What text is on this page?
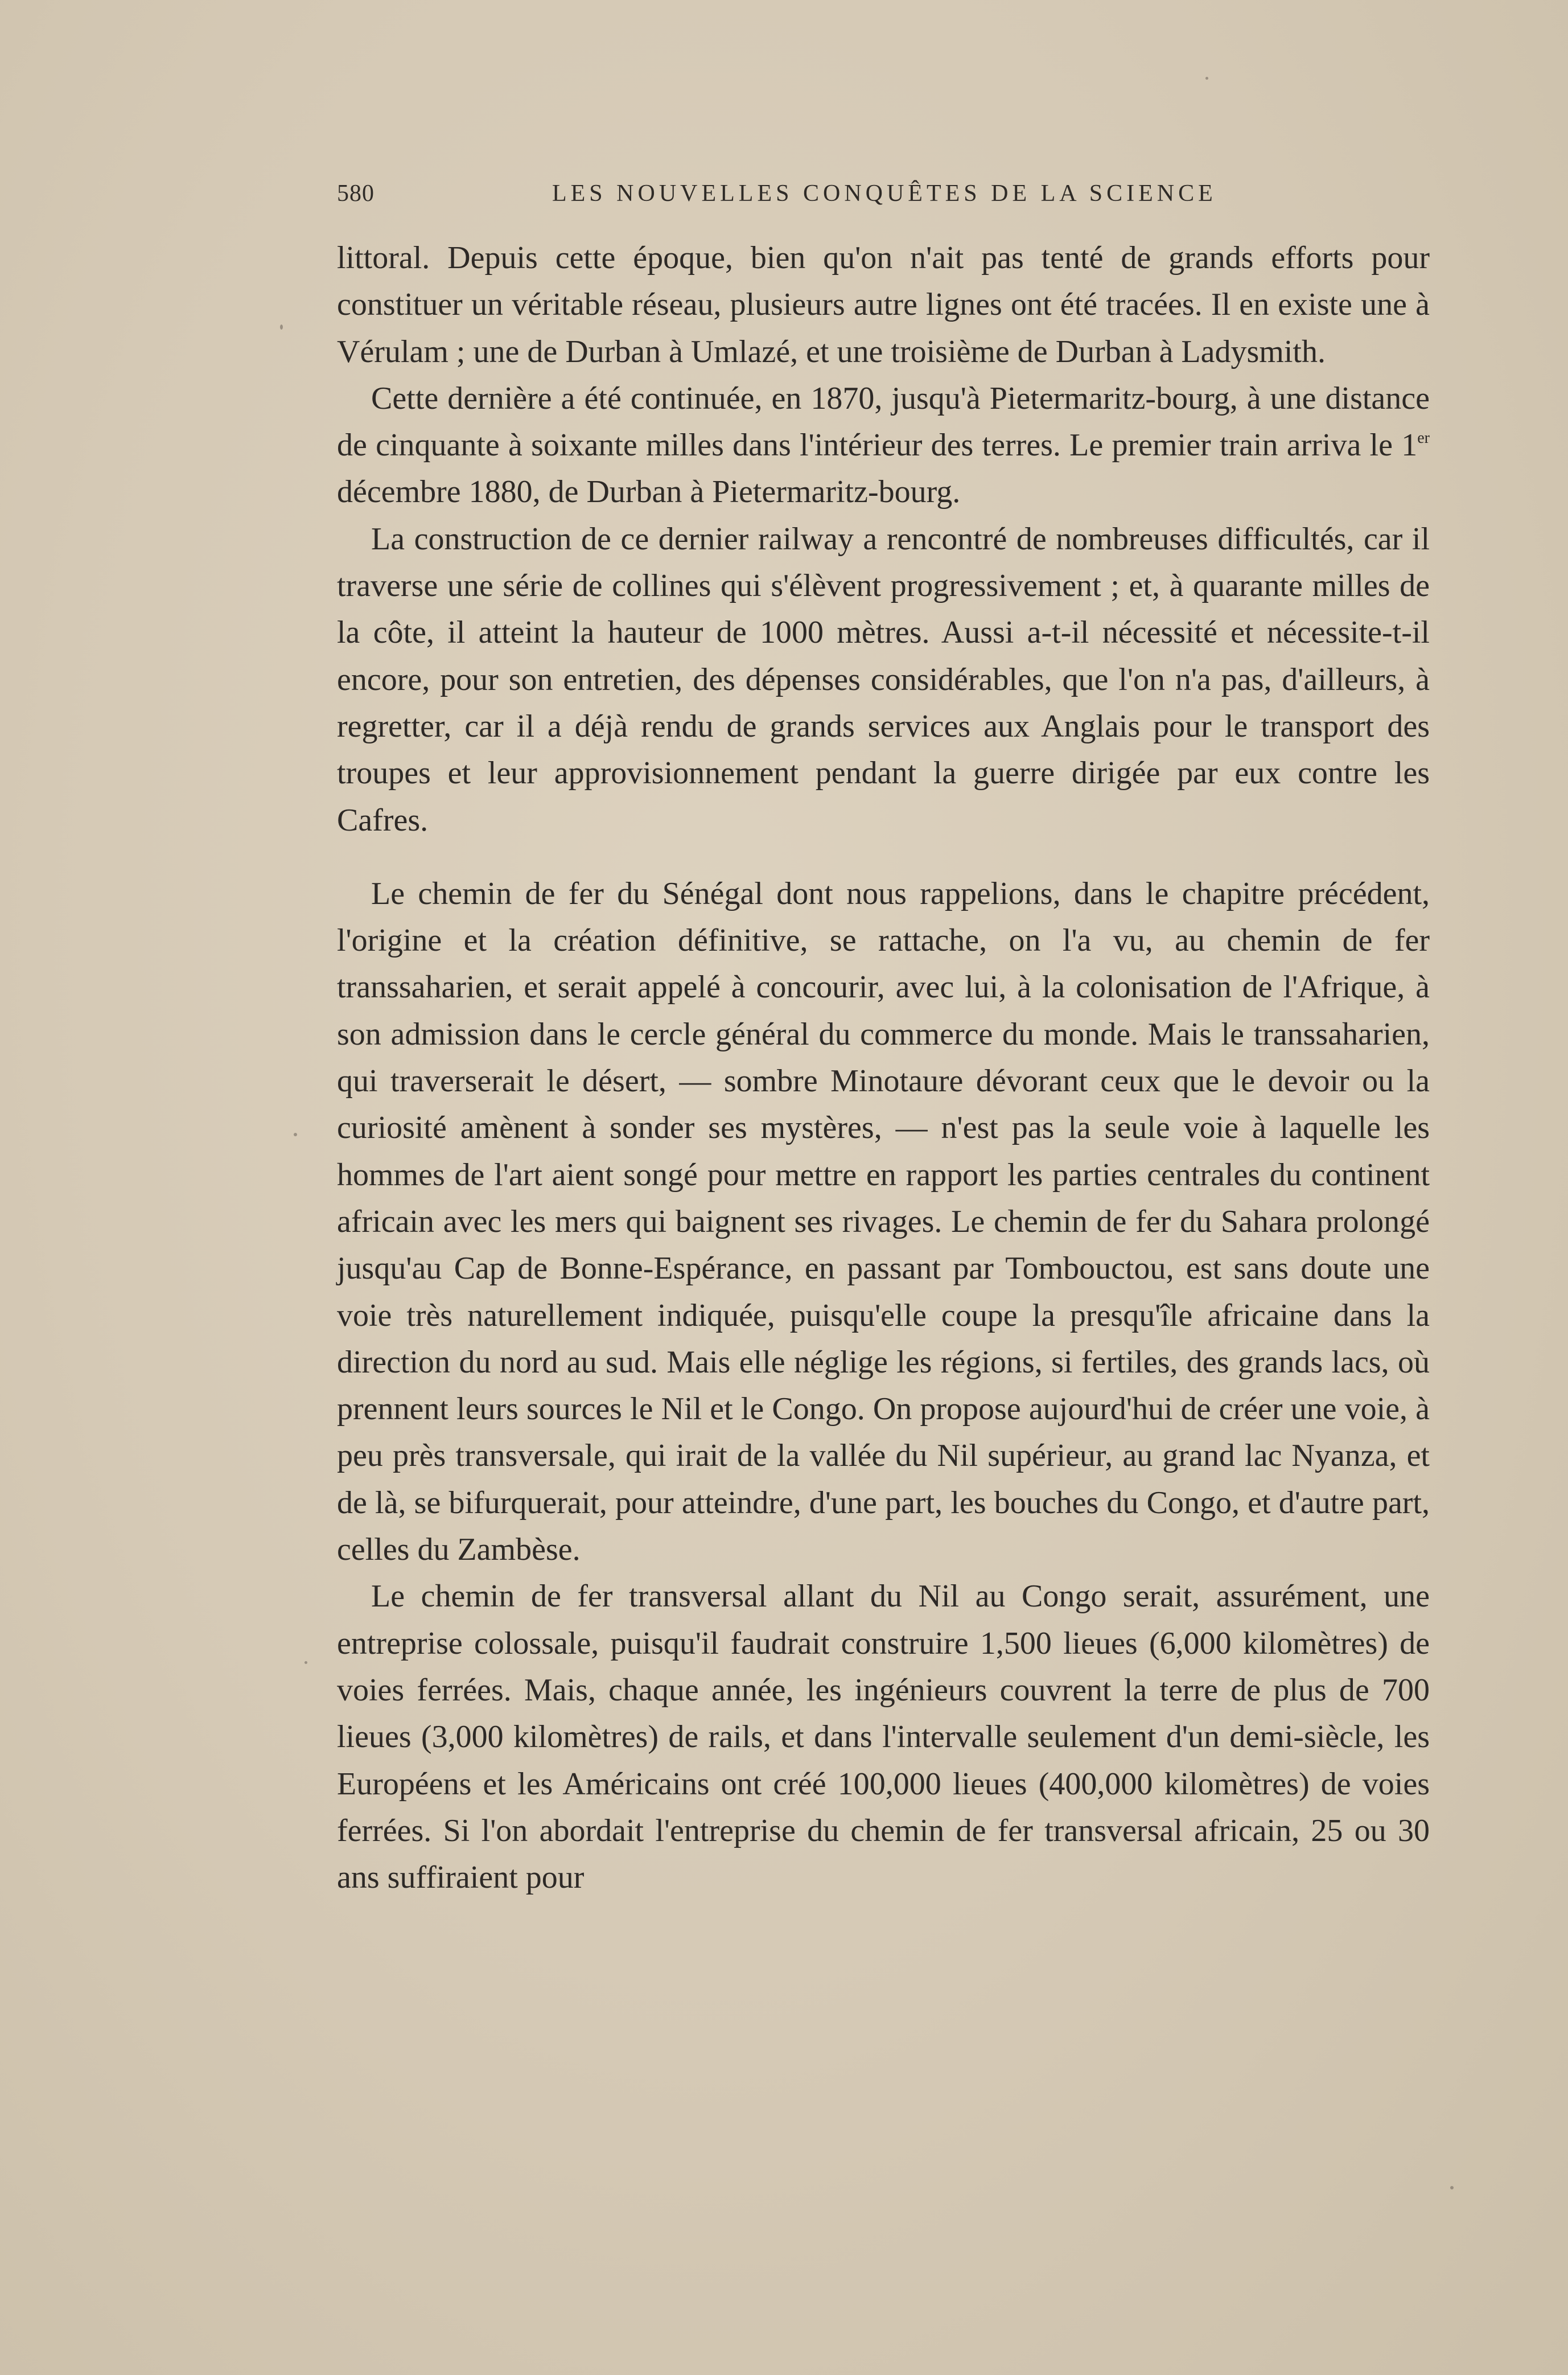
580	LES NOUVELLES CONQUÊTES DE LA SCIENCE

littoral. Depuis cette époque, bien qu'on n'ait pas tenté de grands efforts pour constituer un véritable réseau, plusieurs autre lignes ont été tracées. Il en existe une à Vérulam ; une de Durban à Umlazé, et une troisième de Durban à Ladysmith.

Cette dernière a été continuée, en 1870, jusqu'à Pietermaritz-bourg, à une distance de cinquante à soixante milles dans l'intérieur des terres. Le premier train arriva le 1er décembre 1880, de Durban à Pietermaritz-bourg.

La construction de ce dernier railway a rencontré de nombreuses difficultés, car il traverse une série de collines qui s'élèvent progressivement ; et, à quarante milles de la côte, il atteint la hauteur de 1000 mètres. Aussi a-t-il nécessité et nécessite-t-il encore, pour son entretien, des dépenses considérables, que l'on n'a pas, d'ailleurs, à regretter, car il a déjà rendu de grands services aux Anglais pour le transport des troupes et leur approvisionnement pendant la guerre dirigée par eux contre les Cafres.

Le chemin de fer du Sénégal dont nous rappelions, dans le chapitre précédent, l'origine et la création définitive, se rattache, on l'a vu, au chemin de fer transsaharien, et serait appelé à concourir, avec lui, à la colonisation de l'Afrique, à son admission dans le cercle général du commerce du monde. Mais le transsaharien, qui traverserait le désert, — sombre Minotaure dévorant ceux que le devoir ou la curiosité amènent à sonder ses mystères, — n'est pas la seule voie à laquelle les hommes de l'art aient songé pour mettre en rapport les parties centrales du continent africain avec les mers qui baignent ses rivages. Le chemin de fer du Sahara prolongé jusqu'au Cap de Bonne-Espérance, en passant par Tombouctou, est sans doute une voie très naturellement indiquée, puisqu'elle coupe la presqu'île africaine dans la direction du nord au sud. Mais elle néglige les régions, si fertiles, des grands lacs, où prennent leurs sources le Nil et le Congo. On propose aujourd'hui de créer une voie, à peu près transversale, qui irait de la vallée du Nil supérieur, au grand lac Nyanza, et de là, se bifurquerait, pour atteindre, d'une part, les bouches du Congo, et d'autre part, celles du Zambèse.

Le chemin de fer transversal allant du Nil au Congo serait, assurément, une entreprise colossale, puisqu'il faudrait construire 1,500 lieues (6,000 kilomètres) de voies ferrées. Mais, chaque année, les ingénieurs couvrent la terre de plus de 700 lieues (3,000 kilomètres) de rails, et dans l'intervalle seulement d'un demi-siècle, les Européens et les Américains ont créé 100,000 lieues (400,000 kilomètres) de voies ferrées. Si l'on abordait l'entreprise du chemin de fer transversal africain, 25 ou 30 ans suffiraient pour
